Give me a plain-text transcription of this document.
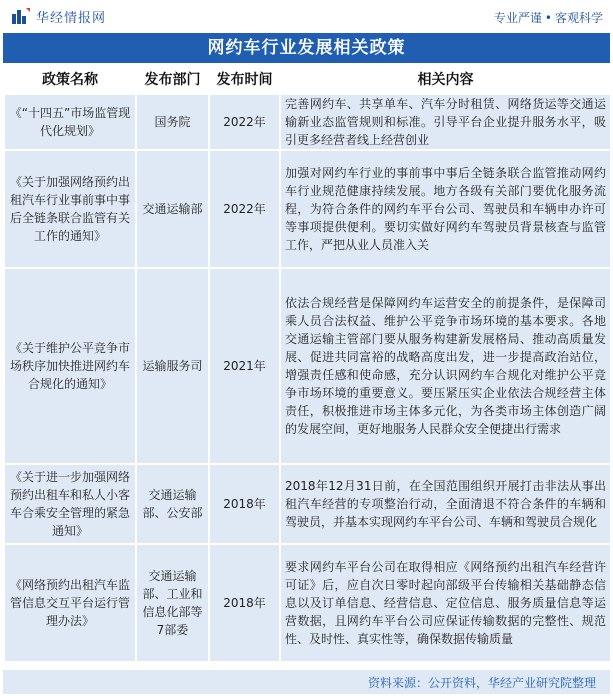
华经情报网	专业严谨 • 客观科学
网约车行业发展相关政策
政策名称	发布部门	发布时间	相关内容
《“十四五”市场监管现代化规划》	国务院	2022年	完善网约车、共享单车、汽车分时租赁、网络货运等交通运输新业态监管规则和标准。引导平台企业提升服务水平，吸引更多经营者线上经营创业
《关于加强网络预约出租汽车行业事前事中事后全链条联合监管有关工作的通知》	交通运输部	2022年	加强对网约车行业的事前事中事后全链条联合监管推动网约车行业规范健康持续发展。地方各级有关部门要优化服务流程，为符合条件的网约车平台公司、驾驶员和车辆申办许可等事项提供便利。要切实做好网约车驾驶员背景核查与监管工作，严把从业人员准入关
《关于维护公平竞争市场秩序加快推进网约车合规化的通知》	运输服务司	2021年	依法合规经营是保障网约车运营安全的前提条件，是保障司乘人员合法权益、维护公平竞争市场环境的基本要求。各地交通运输主管部门要从服务构建新发展格局、推动高质量发展、促进共同富裕的战略高度出发，进一步提高政治站位，增强责任感和使命感，充分认识网约车合规化对维护公平竞争市场环境的重要意义。要压紧压实企业依法合规经营主体责任，积极推进市场主体多元化，为各类市场主体创造广阔的发展空间，更好地服务人民群众安全便捷出行需求
《关于进一步加强网络预约出租车和私人小客车合乘安全管理的紧急通知》	交通运输部、公安部	2018年	2018年12月31日前，在全国范围组织开展打击非法从事出租汽车经营的专项整治行动，全面清退不符合条件的车辆和驾驶员，并基本实现网约车平台公司、车辆和驾驶员合规化
《网络预约出租汽车监管信息交互平台运行管理办法》	交通运输部、工业和信息化部等7部委	2018年	要求网约车平台公司在取得相应《网络预约出租汽车经营许可证》后，应自次日零时起向部级平台传输相关基础静态信息以及订单信息、经营信息、定位信息、服务质量信息等运营数据，且网约车平台公司应保证传输数据的完整性、规范性、及时性、真实性等，确保数据传输质量
资料来源：公开资料，华经产业研究院整理
